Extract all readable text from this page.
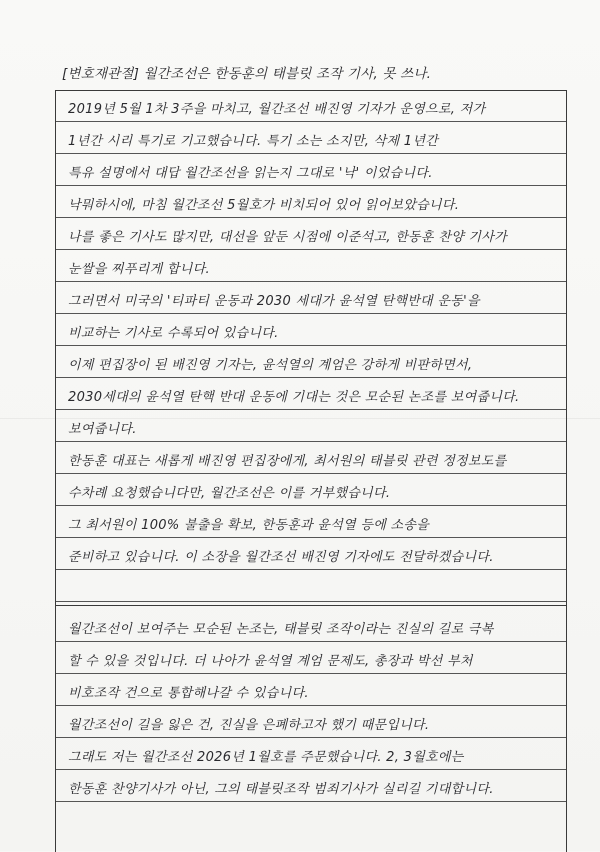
[변호재관절] 월간조선은 한동훈의 태블릿 조작 기사, 못 쓰나.
2019년 5월 1차 3주을 마치고, 월간조선 배진영 기자가 운영으로, 저가
1년간 시리 특기로 기고했습니다. 특기 소는 소지만, 삭제 1년간
특유 설명에서 대답 월간조선을 읽는지 그대로 '낙' 이었습니다.
낙뭐하시에, 마침 월간조선 5월호가 비치되어 있어 읽어보았습니다.
나를 좋은 기사도 많지만, 대선을 앞둔 시점에 이준석고, 한동훈 찬양 기사가
눈쌀을 찌푸리게 합니다.
그러면서 미국의 '티파티 운동과 2030 세대가 윤석열 탄핵반대 운동'을
비교하는 기사로 수록되어 있습니다.
이제 편집장이 된 배진영 기자는, 윤석열의 계엄은 강하게 비판하면서,
2030세대의 윤석열 탄핵 반대 운동에 기대는 것은 모순된 논조를 보여줍니다.
보여줍니다.
한동훈 대표는 새롭게 배진영 편집장에게, 최서원의 태블릿 관련 정정보도를
수차례 요청했습니다만, 월간조선은 이를 거부했습니다.
그 최서원이 100% 불출을 확보, 한동훈과 윤석열 등에 소송을
준비하고 있습니다. 이 소장을 월간조선 배진영 기자에도 전달하겠습니다.
월간조선이 보여주는 모순된 논조는, 태블릿 조작이라는 진실의 길로 극복
할 수 있을 것입니다. 더 나아가 윤석열 계엄 문제도, 총장과 박선 부처
비호조작 건으로 통합해나갈 수 있습니다.
월간조선이 길을 잃은 건, 진실을 은폐하고자 했기 때문입니다.
그래도 저는 월간조선 2026년 1월호를 주문했습니다. 2, 3월호에는
한동훈 찬양기사가 아닌, 그의 태블릿조작 범죄기사가 실리길 기대합니다.
